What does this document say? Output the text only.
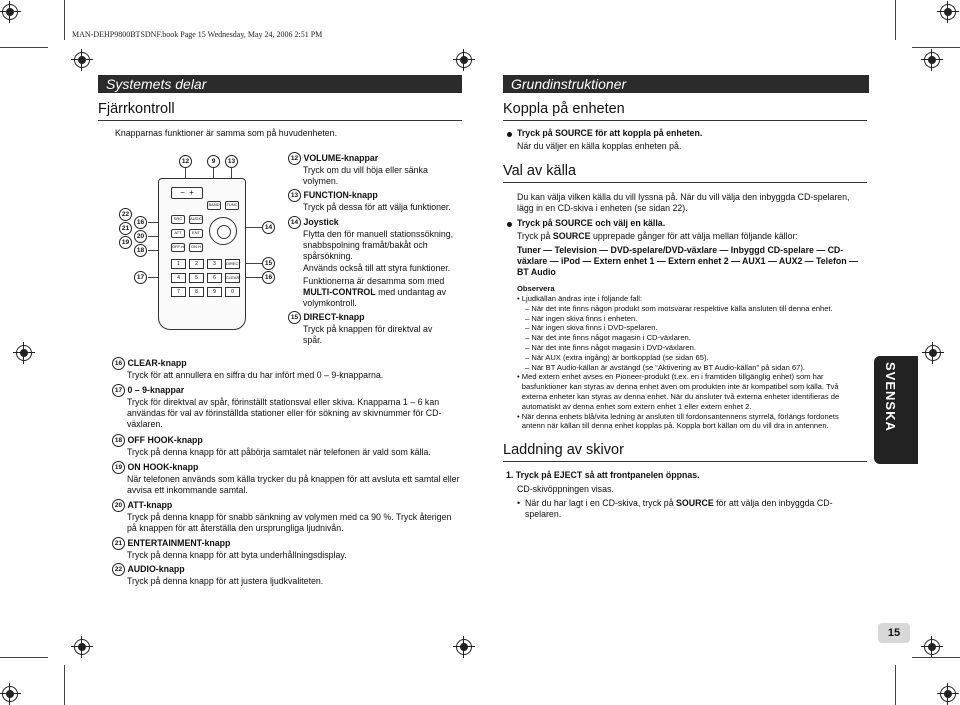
MAN-DEHP9800BTSDNF.book Page 15 Wednesday, May 24, 2006 2:51 PM
Systemets delar
Fjärrkontroll
Knapparnas funktioner är samma som på huvudenheten.
12	9	13
22
16
21
20
19
18
17
14
15
16
−  +
BAND	FUNC
SRC	AUDIO
ATT	ENT
OFF H	ON H
1	2	3	DIRECT
4	5	6	CLEAR
7	8	9	0
12 VOLUME-knappar
Tryck om du vill höja eller sänka volymen.
13 FUNCTION-knapp
Tryck på dessa för att välja funktioner.
14 Joystick
Flytta den för manuell stationssökning, snabbspolning framåt/bakåt och spårsökning.
Används också till att styra funktioner.
Funktionerna är desamma som med MULTI-CONTROL med undantag av volymkontroll.
15 DIRECT-knapp
Tryck på knappen för direktval av spår.
16 CLEAR-knapp
Tryck för att annullera en siffra du har infört med 0 – 9-knapparna.
17 0 – 9-knappar
Tryck för direktval av spår, förinställt stationsval eller skiva. Knapparna 1 – 6 kan användas för val av förinställda stationer eller för sökning av skivnummer för CD-växlaren.
18 OFF HOOK-knapp
Tryck på denna knapp för att påbörja samtalet när telefonen är vald som källa.
19 ON HOOK-knapp
När telefonen används som källa trycker du på knappen för att avsluta ett samtal eller avvisa ett inkommande samtal.
20 ATT-knapp
Tryck på denna knapp för snabb sänkning av volymen med ca 90 %. Tryck återigen på knappen för att återställa den ursprungliga ljudnivån.
21 ENTERTAINMENT-knapp
Tryck på denna knapp för att byta underhållningsdisplay.
22 AUDIO-knapp
Tryck på denna knapp för att justera ljudkvaliteten.
Grundinstruktioner
Koppla på enheten
Tryck på SOURCE för att koppla på enheten.
När du väljer en källa kopplas enheten på.
Val av källa
Du kan välja vilken källa du vill lyssna på. När du vill välja den inbyggda CD-spelaren, lägg in en CD-skiva i enheten (se sidan 22).
Tryck på SOURCE och välj en källa.
Tryck på SOURCE upprepade gånger för att välja mellan följande källor:
Tuner — Television — DVD-spelare/DVD-växlare — Inbyggd CD-spelare — CD-växlare — iPod — Extern enhet 1 — Extern enhet 2 — AUX1 — AUX2 — Telefon — BT Audio
Observera
• Ljudkällan ändras inte i följande fall:
– När det inte finns någon produkt som motsvarar respektive källa ansluten till denna enhet.
– När ingen skiva finns i enheten.
– När ingen skiva finns i DVD-spelaren.
– När det inte finns något magasin i CD-växlaren.
– När det inte finns något magasin i DVD-växlaren.
– När AUX (extra ingång) är bortkopplad (se sidan 65).
– När BT Audio-källan är avstängd (se “Aktivering av BT Audio-källan” på sidan 67).
• Med extern enhet avses en Pioneer-produkt (t.ex. en i framtiden tillgänglig enhet) som har basfunktioner kan styras av denna enhet även om produkten inte är kompatibel som källa. Två externa enheter kan styras av denna enhet. När du ansluter två externa enheter identifieras de automatiskt av denna enhet som extern enhet 1 eller extern enhet 2.
• När denna enhets blå/vita ledning är ansluten till fordonsantennens styrrelä, förlängs fordonets antenn när källan till denna enhet kopplas på. Koppla bort källan om du vill dra in antennen.
Laddning av skivor
1. Tryck på EJECT så att frontpanelen öppnas.
CD-skivöppningen visas.
• När du har lagt i en CD-skiva, tryck på SOURCE för att välja den inbyggda CD-spelaren.
SVENSKA
15
